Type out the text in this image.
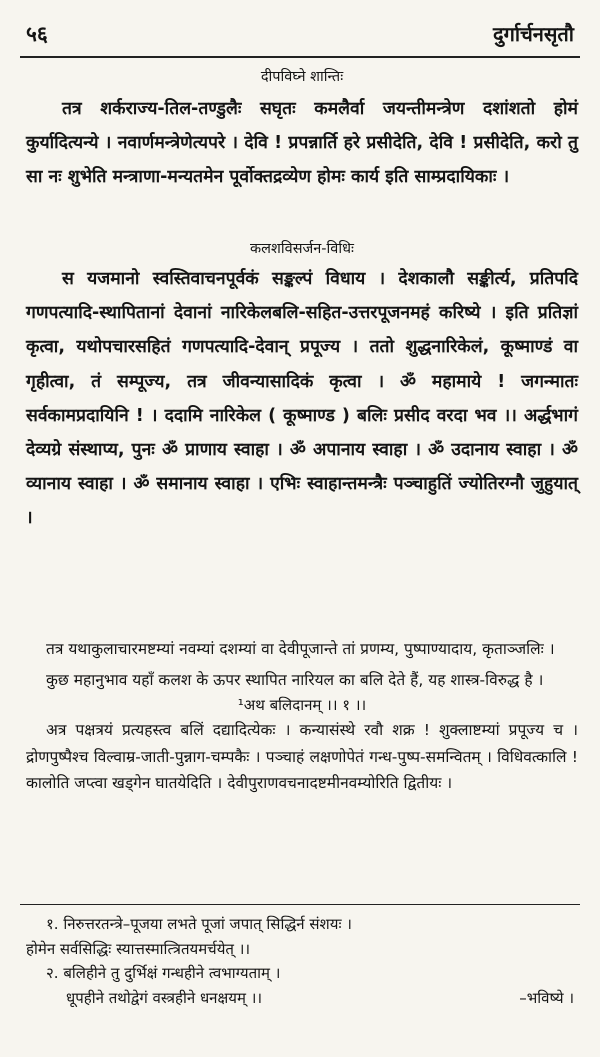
५६	दुर्गार्चनसृतौ
दीपविघ्ने शान्तिः

तत्र शर्कराज्य-तिल-तण्डुलैः सघृतः कमलैर्वा जयन्तीमन्त्रेण दशांशतो होमं कुर्यादित्यन्ये । नवार्णमन्त्रेणेत्यपरे । देवि ! प्रपन्नार्ति हरे प्रसीदेति, देवि ! प्रसीदेति, करो तु सा नः शुभेति मन्त्राणा-मन्यतमेन पूर्वोक्तद्रव्येण होमः कार्य इति साम्प्रदायिकाः ।

कलशविसर्जन-विधिः

स यजमानो स्वस्तिवाचनपूर्वकं सङ्कल्पं विधाय । देशकालौ सङ्कीर्त्य, प्रतिपदि गणपत्यादि-स्थापितानां देवानां नारिकेलबलि-सहित-उत्तरपूजनमहं करिष्ये । इति प्रतिज्ञां कृत्वा, यथोपचारसहितं गणपत्यादि-देवान् प्रपूज्य । ततो शुद्धनारिकेलं, कूष्माण्डं वा गृहीत्वा, तं सम्पूज्य, तत्र जीवन्यासादिकं कृत्वा । ॐ महामाये ! जगन्मातः सर्वकामप्रदायिनि ! । ददामि नारिकेल ( कूष्माण्ड ) बलिः प्रसीद वरदा भव ।। अर्द्धभागं देव्यग्रे संस्थाप्य, पुनः ॐ प्राणाय स्वाहा । ॐ अपानाय स्वाहा । ॐ उदानाय स्वाहा । ॐ व्यानाय स्वाहा । ॐ समानाय स्वाहा । एभिः स्वाहान्तमन्त्रैः पञ्चाहुतिं ज्योतिरग्नौ जुहुयात् ।

तत्र यथाकुलाचारमष्टम्यां नवम्यां दशम्यां वा देवीपूजान्ते तां प्रणम्य, पुष्पाण्यादाय, कृताञ्जलिः ।

कुछ महानुभाव यहाँ कलश के ऊपर स्थापित नारियल का बलि देते हैं, यह शास्त्र-विरुद्ध है ।

¹अथ बलिदानम् ।। १ ।।

अत्र पक्षत्रयं प्रत्यहस्त्व बलिं दद्यादित्येकः । कन्यासंस्थे रवौ शक्र ! शुक्लाष्टम्यां प्रपूज्य च । द्रोणपुष्पैश्च विल्वाम्र-जाती-पुन्नाग-चम्पकैः । पञ्चाहं लक्षणोपेतं गन्ध-पुष्प-समन्वितम् । विधिवत्कालि ! कालोति जप्त्वा खड्गेन घातयेदिति । देवीपुराणवचनादष्टमीनवम्योरिति द्वितीयः ।

१. निरुत्तरतन्त्रे–पूजया लभते पूजां जपात् सिद्धिर्न संशयः ।
होमेन सर्वसिद्धिः स्यात्तस्मात्त्रितयमर्चयेत् ।।
२. बलिहीने तु दुर्भिक्षं गन्धहीने त्वभाग्यताम् ।
धूपहीने तथोद्वेगं वस्त्रहीने धनक्षयम् ।।	–भविष्ये ।
